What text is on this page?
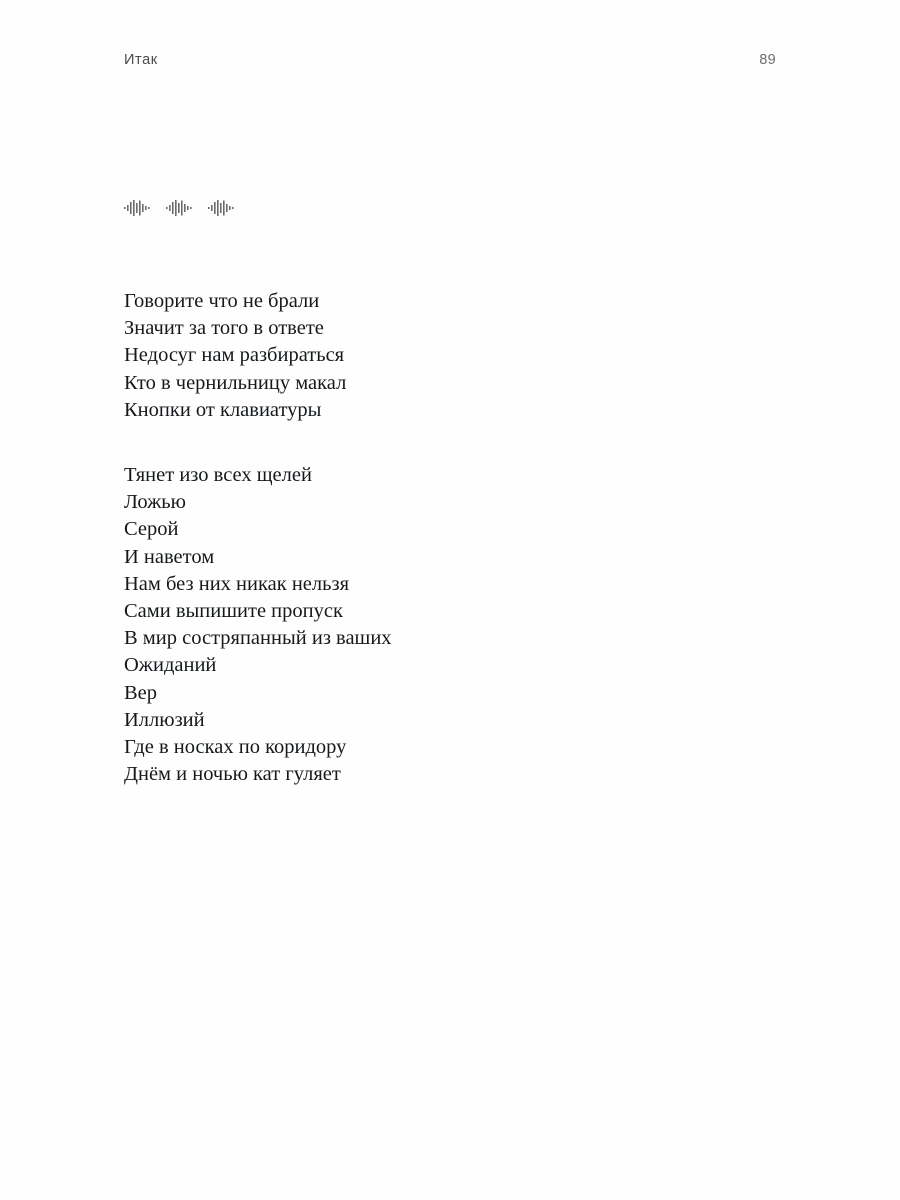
Итак	89
Говорите что не брали
Значит за того в ответе
Недосуг нам разбираться
Кто в чернильницу макал
Кнопки от клавиатуры
Тянет изо всех щелей
Ложью
Серой
И наветом
Нам без них никак нельзя
Сами выпишите пропуск
В мир состряпанный из ваших
Ожиданий
Вер
Иллюзий
Где в носках по коридору
Днём и ночью кат гуляет
